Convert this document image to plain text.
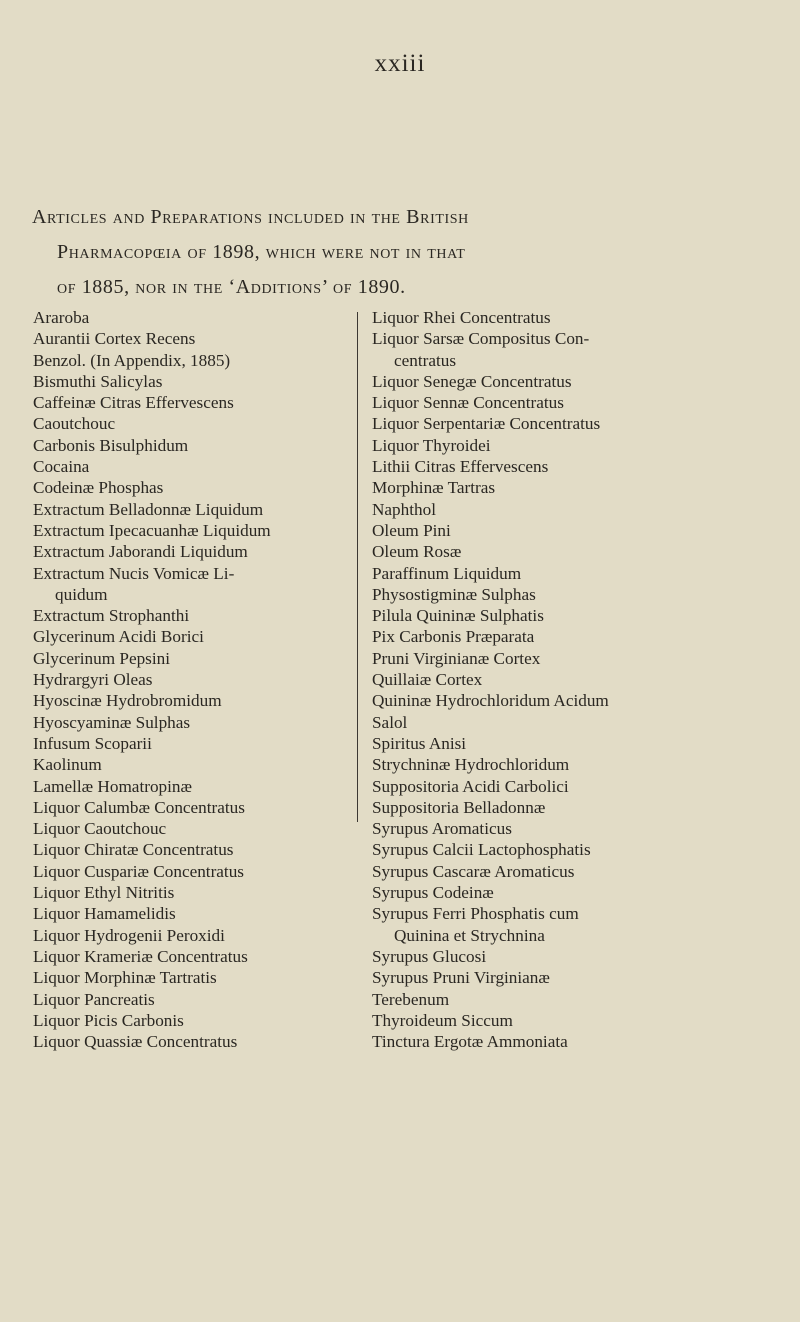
xxiii
Articles and Preparations included in the British
Pharmacopœia of 1898, which were not in that
of 1885, nor in the ‘Additions’ of 1890.
Araroba
Aurantii Cortex Recens
Benzol. (In Appendix, 1885)
Bismuthi Salicylas
Caffeinæ Citras Effervescens
Caoutchouc
Carbonis Bisulphidum
Cocaina
Codeinæ Phosphas
Extractum Belladonnæ Liquidum
Extractum Ipecacuanhæ Liquidum
Extractum Jaborandi Liquidum
Extractum Nucis Vomicæ Li-
quidum
Extractum Strophanthi
Glycerinum Acidi Borici
Glycerinum Pepsini
Hydrargyri Oleas
Hyoscinæ Hydrobromidum
Hyoscyaminæ Sulphas
Infusum Scoparii
Kaolinum
Lamellæ Homatropinæ
Liquor Calumbæ Concentratus
Liquor Caoutchouc
Liquor Chiratæ Concentratus
Liquor Cuspariæ Concentratus
Liquor Ethyl Nitritis
Liquor Hamamelidis
Liquor Hydrogenii Peroxidi
Liquor Krameriæ Concentratus
Liquor Morphinæ Tartratis
Liquor Pancreatis
Liquor Picis Carbonis
Liquor Quassiæ Concentratus
Liquor Rhei Concentratus
Liquor Sarsæ Compositus Con-
centratus
Liquor Senegæ Concentratus
Liquor Sennæ Concentratus
Liquor Serpentariæ Concentratus
Liquor Thyroidei
Lithii Citras Effervescens
Morphinæ Tartras
Naphthol
Oleum Pini
Oleum Rosæ
Paraffinum Liquidum
Physostigminæ Sulphas
Pilula Quininæ Sulphatis
Pix Carbonis Præparata
Pruni Virginianæ Cortex
Quillaiæ Cortex
Quininæ Hydrochloridum Acidum
Salol
Spiritus Anisi
Strychninæ Hydrochloridum
Suppositoria Acidi Carbolici
Suppositoria Belladonnæ
Syrupus Aromaticus
Syrupus Calcii Lactophosphatis
Syrupus Cascaræ Aromaticus
Syrupus Codeinæ
Syrupus Ferri Phosphatis cum
Quinina et Strychnina
Syrupus Glucosi
Syrupus Pruni Virginianæ
Terebenum
Thyroideum Siccum
Tinctura Ergotæ Ammoniata
